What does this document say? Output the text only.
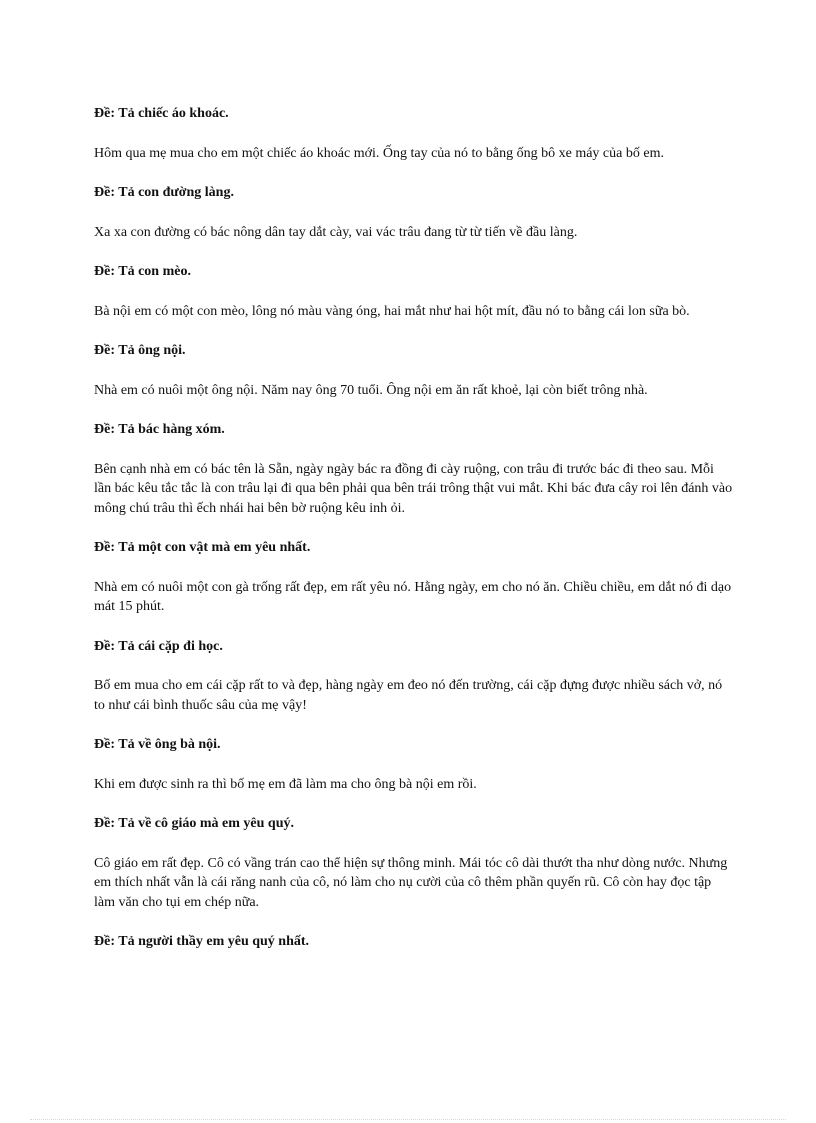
Đề: Tả chiếc áo khoác.
Hôm qua mẹ mua cho em một chiếc áo khoác mới. Ống tay của nó to bằng ống bô xe máy của bố em.
Đề: Tả con đường làng.
Xa xa con đường có bác nông dân tay dắt cày, vai vác trâu đang từ từ tiến về đầu làng.
Đề: Tả con mèo.
Bà nội em có một con mèo, lông nó màu vàng óng, hai mắt như hai hột mít, đầu nó to bằng cái lon sữa bò.
Đề: Tả ông nội.
Nhà em có nuôi một ông nội. Năm nay ông 70 tuổi. Ông nội em ăn rất khoẻ, lại còn biết trông nhà.
Đề: Tả bác hàng xóm.
Bên cạnh nhà em có bác tên là Sẵn, ngày ngày bác ra đồng đi cày ruộng, con trâu đi trước bác đi theo sau. Mỗi lần bác kêu tắc tắc là con trâu lại đi qua bên phải qua bên trái trông thật vui mắt. Khi bác đưa cây roi lên đánh vào mông chú trâu thì ếch nhái hai bên bờ ruộng kêu inh ỏi.
Đề: Tả một con vật mà em yêu nhất.
Nhà em có nuôi một con gà trống rất đẹp, em rất yêu nó. Hằng ngày, em cho nó ăn. Chiều chiều, em dắt nó đi dạo mát 15 phút.
Đề: Tả cái cặp đi học.
Bố em mua cho em cái cặp rất to và đẹp, hàng ngày em đeo nó đến trường, cái cặp đựng được nhiều sách vở, nó to như cái bình thuốc sâu của mẹ vậy!
Đề: Tả về ông bà nội.
Khi em được sinh ra thì bố mẹ em đã làm ma cho ông bà nội em rồi.
Đề: Tả về cô giáo mà em yêu quý.
Cô giáo em rất đẹp. Cô có vầng trán cao thể hiện sự thông minh. Mái tóc cô dài thướt tha như dòng nước. Nhưng em thích nhất vẫn là cái răng nanh của cô, nó làm cho nụ cười của cô thêm phần quyến rũ. Cô còn hay đọc tập làm văn cho tụi em chép nữa.
Đề: Tả người thầy em yêu quý nhất.
